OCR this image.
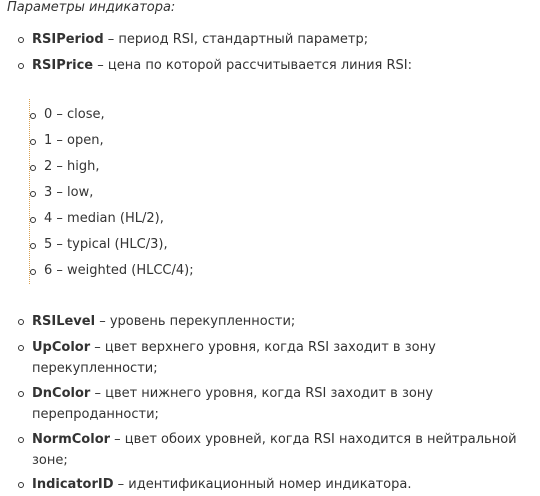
Параметры индикатора:
RSIPeriod – период RSI, стандартный параметр;
RSIPrice – цена по которой рассчитывается линия RSI:
RSILevel – уровень перекупленности;
UpColor – цвет верхнего уровня, когда RSI заходит в зону перекупленности;
DnColor – цвет нижнего уровня, когда RSI заходит в зону перепроданности;
NormColor – цвет обоих уровней, когда RSI находится в нейтральной зоне;
IndicatorID – идентификационный номер индикатора.
0 – close,
1 – open,
2 – high,
3 – low,
4 – median (HL/2),
5 – typical (HLC/3),
6 – weighted (HLCC/4);
